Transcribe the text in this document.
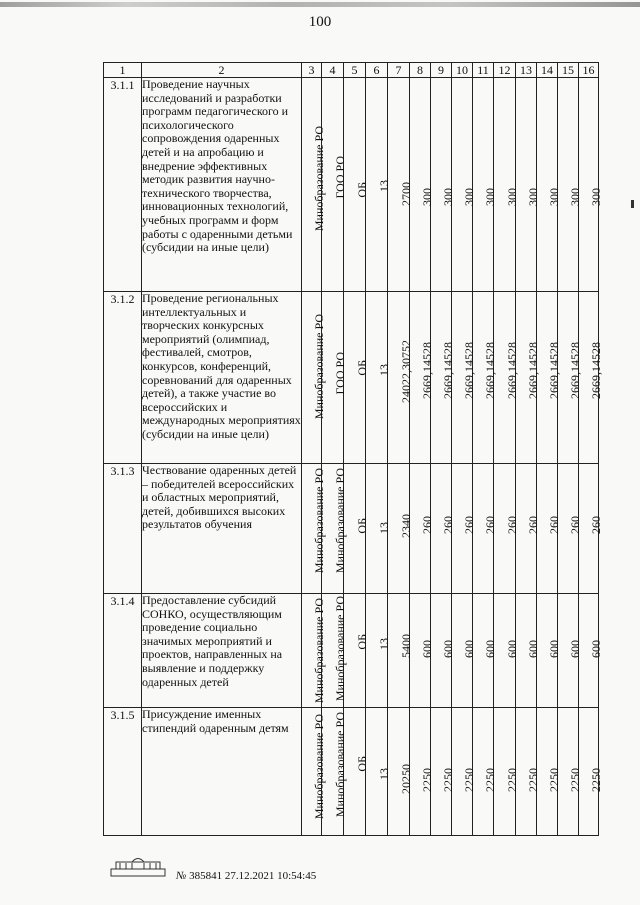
100
1	2	3	4	5	6	7	8	9	10	11	12	13	14	15	16
3.1.1	Проведение научных исследований и разработки программ педагогического и психологического сопровождения одаренных детей и на апробацию и внедрение эффективных методик развития научно-технического творчества, инновационных технологий, учебных программ и форм работы с одаренными детьми (субсидии на иные цели)	Минобразование РО	ГОО РО	ОБ	13	2700	300	300	300	300	300	300	300	300	300

3.1.2	Проведение региональных интеллектуальных и творческих конкурсных мероприятий (олимпиад, фестивалей, смотров, конкурсов, конференций, соревнований для одаренных детей), а также участие во всероссийских и международных мероприятиях (субсидии на иные цели)	Минобразование РО	ГОО РО	ОБ	13	24022,30752	2669,14528	2669,14528	2669,14528	2669,14528	2669,14528	2669,14528	2669,14528	2669,14528	2669,14528

3.1.3	Чествование одаренных детей – победителей всероссийских и областных мероприятий, детей, добившихся высоких результатов обучения	Минобразование РО	Минобразование РО	ОБ	13	2340	260	260	260	260	260	260	260	260	260

3.1.4	Предоставление субсидий СОНКО, осуществляющим проведение социально значимых мероприятий и проектов, направленных на выявление и поддержку одаренных детей	Минобразование РО	Минобразование РО	ОБ	13	5400	600	600	600	600	600	600	600	600	600

3.1.5	Присуждение именных стипендий одаренным детям	Минобразование РО	Минобразование РО	ОБ	13	20250	2250	2250	2250	2250	2250	2250	2250	2250	2250
№ 385841 27.12.2021 10:54:45
